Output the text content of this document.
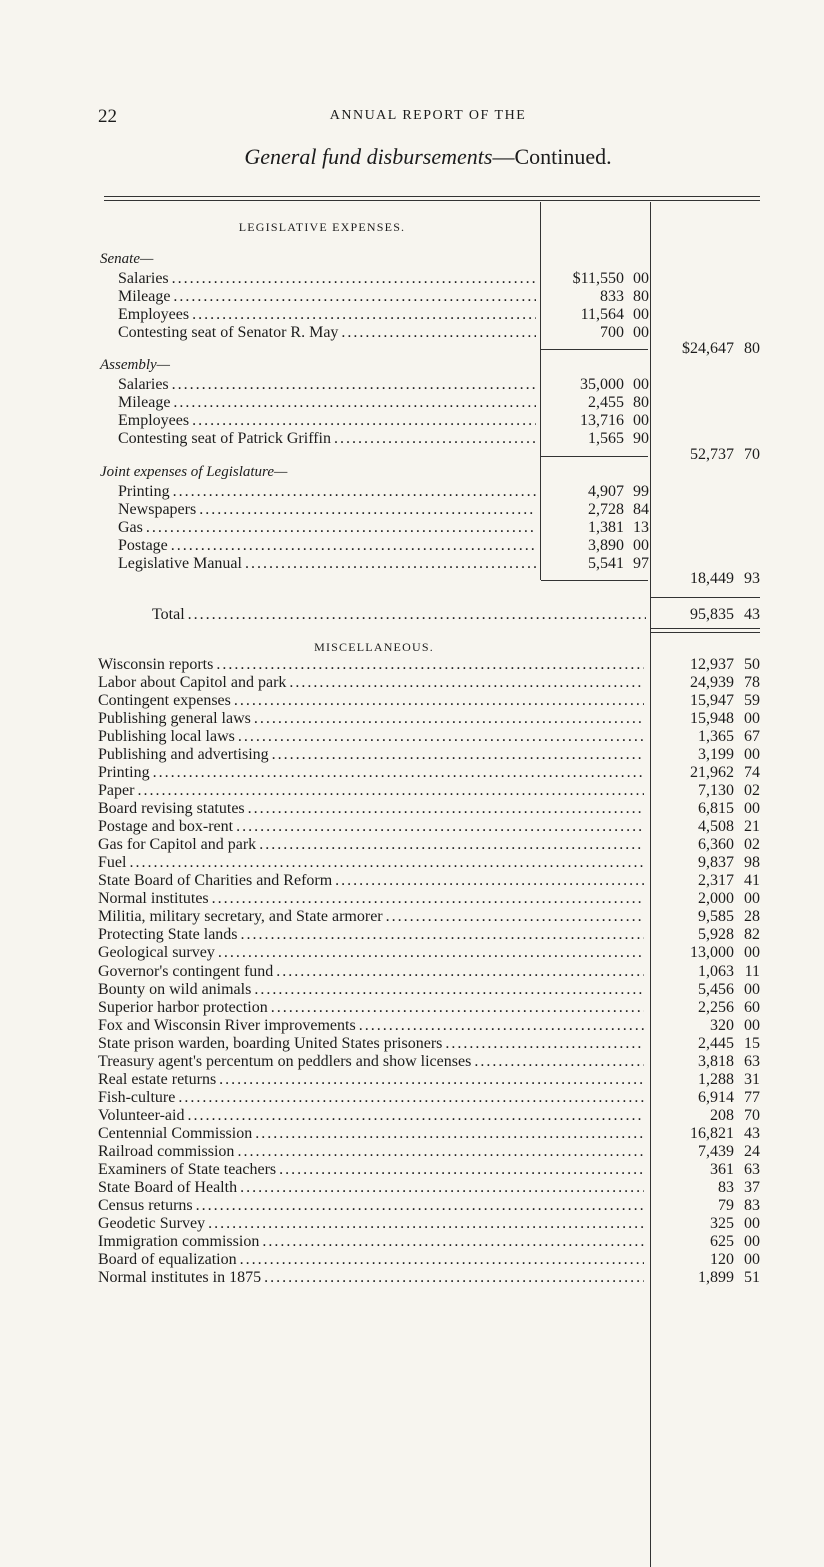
22	ANNUAL REPORT OF THE
General fund disbursements—Continued.
LEGISLATIVE EXPENSES.
Senate—
Salaries . . .	$11,550 00
Mileage . . .	833 80
Employees . . .	11,564 00
Contesting seat of Senator R. May . . .	700 00
$24,647 80
Assembly—
Salaries . . .	35,000 00
Mileage . . .	2,455 80
Employees . . .	13,716 00
Contesting seat of Patrick Griffin . . .	1,565 90
52,737 70
Joint expenses of Legislature—
Printing . . .	4,907 99
Newspapers . . .	2,728 84
Gas . . .	1,381 13
Postage . . .	3,890 00
Legislative Manual . . .	5,541 97
18,449 93
Total . . .	95,835 43
MISCELLANEOUS.
Wisconsin reports . . .	12,937 50
Labor about Capitol and park . . .	24,939 78
Contingent expenses . . .	15,947 59
Publishing general laws . . .	15,948 00
Publishing local laws . . .	1,365 67
Publishing and advertising . . .	3,199 00
Printing . . .	21,962 74
Paper . . .	7,130 02
Board revising statutes . . .	6,815 00
Postage and box-rent . . .	4,508 21
Gas for Capitol and park . . .	6,360 02
Fuel . . .	9,837 98
State Board of Charities and Reform . . .	2,317 41
Normal institutes . . .	2,000 00
Militia, military secretary, and State armorer . . .	9,585 28
Protecting State lands . . .	5,928 82
Geological survey . . .	13,000 00
Governor's contingent fund . . .	1,063 11
Bounty on wild animals . . .	5,456 00
Superior harbor protection . . .	2,256 60
Fox and Wisconsin River improvements . . .	320 00
State prison warden, boarding United States prisoners . . .	2,445 15
Treasury agent's percentum on peddlers and show licenses . . .	3,818 63
Real estate returns . . .	1,288 31
Fish-culture . . .	6,914 77
Volunteer-aid . . .	208 70
Centennial Commission . . .	16,821 43
Railroad commission . . .	7,439 24
Examiners of State teachers . . .	361 63
State Board of Health . . .	83 37
Census returns . . .	79 83
Geodetic Survey . . .	325 00
Immigration commission . . .	625 00
Board of equalization . . .	120 00
Normal institutes in 1875 . . .	1,899 51
